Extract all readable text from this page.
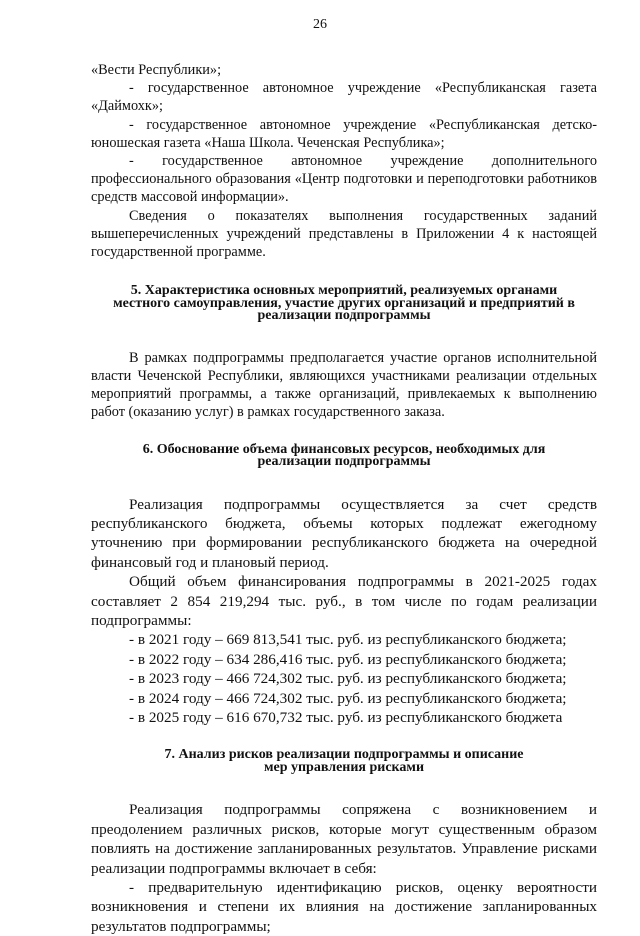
26

«Вести Республики»;

- государственное автономное учреждение «Республиканская газета «Даймохк»;

- государственное автономное учреждение «Республиканская детско-юношеская газета «Наша Школа. Чеченская Республика»;

- государственное автономное учреждение дополнительного профессионального образования «Центр подготовки и переподготовки работников средств массовой информации».

Сведения о показателях выполнения государственных заданий вышеперечисленных учреждений представлены в Приложении 4 к настоящей государственной программе.

5. Характеристика основных мероприятий, реализуемых органами
местного самоуправления, участие других организаций и предприятий в
реализации подпрограммы

В рамках подпрограммы предполагается участие органов исполнительной власти Чеченской Республики, являющихся участниками реализации отдельных мероприятий программы, а также организаций, привлекаемых к выполнению работ (оказанию услуг) в рамках государственного заказа.

6. Обоснование объема финансовых ресурсов, необходимых для
реализации подпрограммы

Реализация подпрограммы осуществляется за счет средств республиканского бюджета, объемы которых подлежат ежегодному уточнению при формировании республиканского бюджета на очередной финансовый год и плановый период.

Общий объем финансирования подпрограммы в 2021-2025 годах составляет 2 854 219,294 тыс. руб., в том числе по годам реализации подпрограммы:

- в 2021 году – 669 813,541 тыс. руб. из республиканского бюджета;

- в 2022 году – 634 286,416 тыс. руб. из республиканского бюджета;

- в 2023 году – 466 724,302 тыс. руб. из республиканского бюджета;

- в 2024 году – 466 724,302 тыс. руб. из республиканского бюджета;

- в 2025 году – 616 670,732 тыс. руб. из республиканского бюджета

7. Анализ рисков реализации подпрограммы и описание
мер управления рисками

Реализация подпрограммы сопряжена с возникновением и преодолением различных рисков, которые могут существенным образом повлиять на достижение запланированных результатов. Управление рисками реализации подпрограммы включает в себя:

- предварительную идентификацию рисков, оценку вероятности возникновения и степени их влияния на достижение запланированных результатов подпрограммы;
